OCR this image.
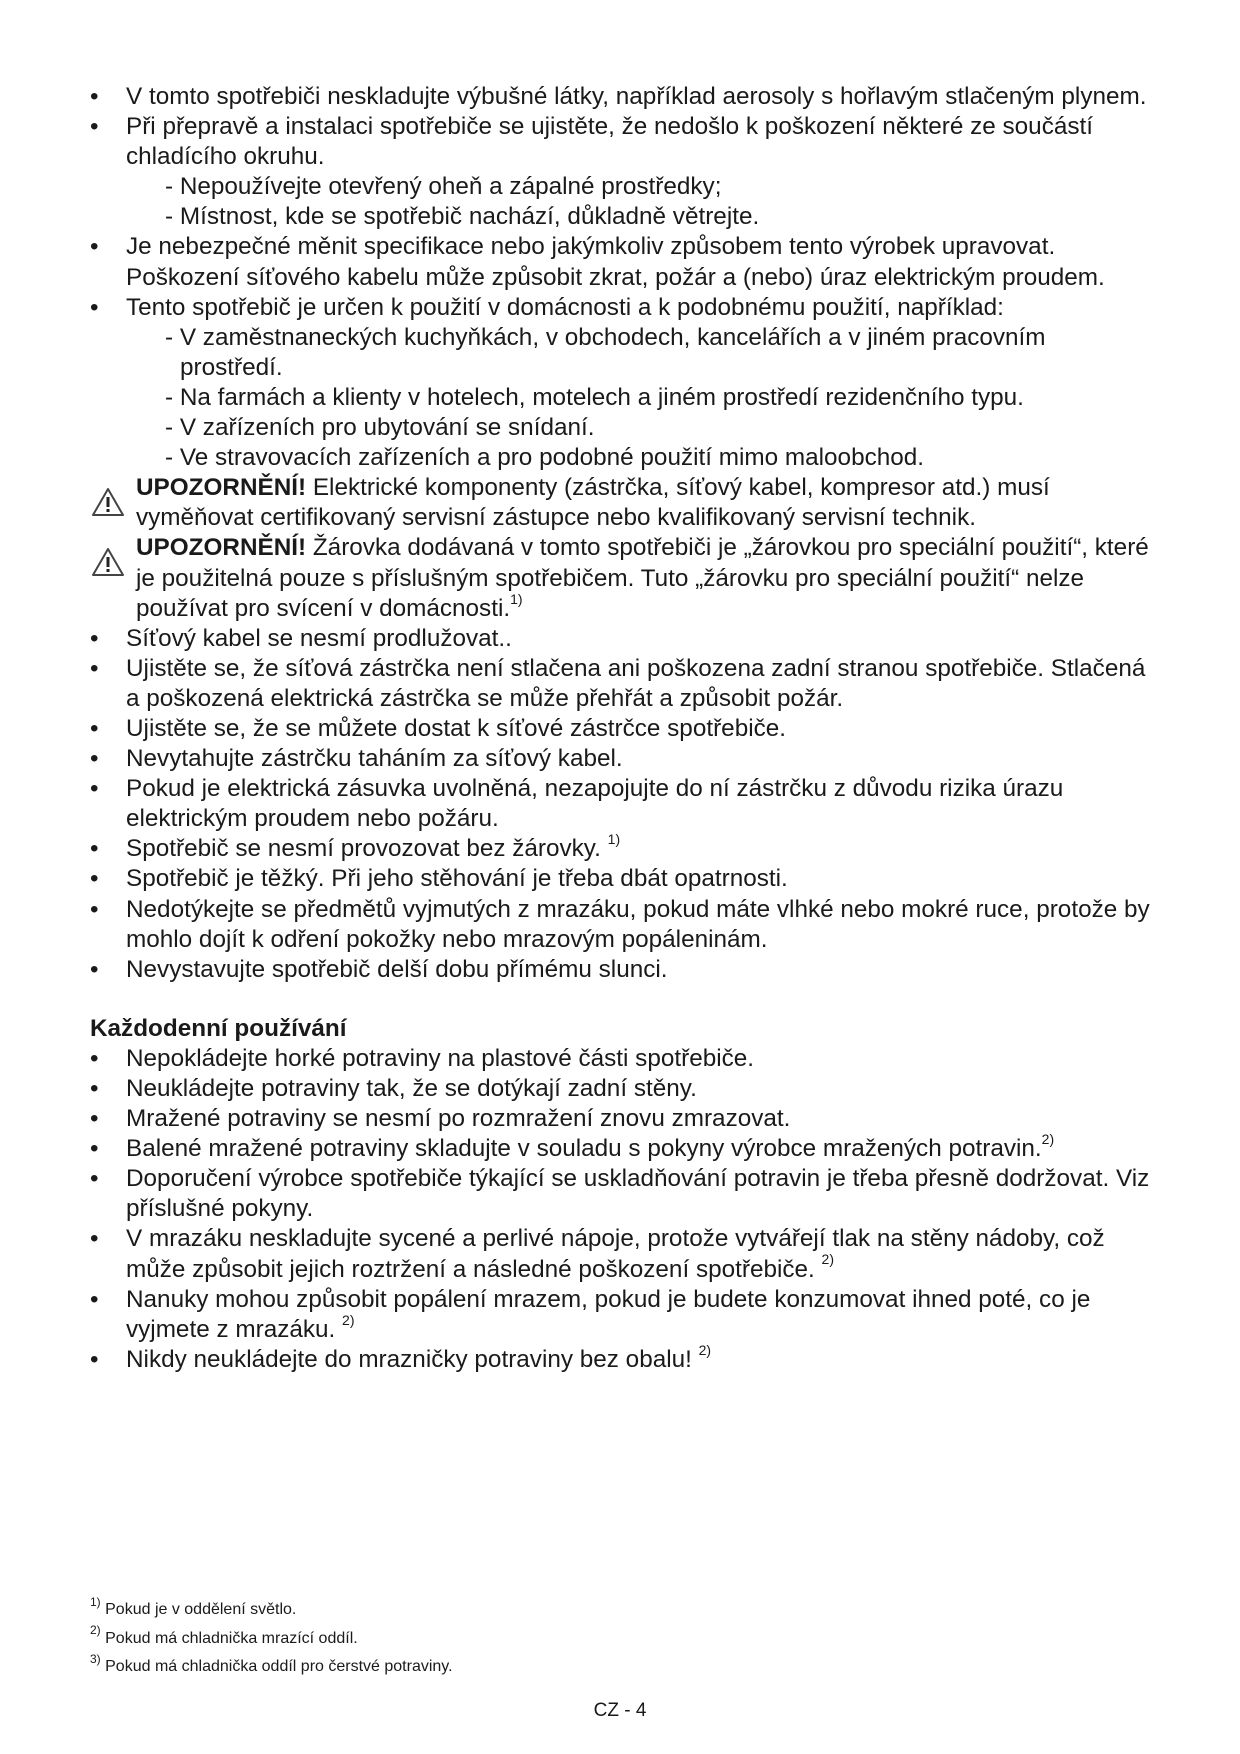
• V tomto spotřebiči neskladujte výbušné látky, například aerosoly s hořlavým stlačeným plynem.
• Při přepravě a instalaci spotřebiče se ujistěte, že nedošlo k poškození některé ze součástí chladícího okruhu.
- Nepoužívejte otevřený oheň a zápalné prostředky;
- Místnost, kde se spotřebič nachází, důkladně větrejte.
• Je nebezpečné měnit specifikace nebo jakýmkoliv způsobem tento výrobek upravovat. Poškození síťového kabelu může způsobit zkrat, požár a (nebo) úraz elektrickým proudem.
• Tento spotřebič je určen k použití v domácnosti a k podobnému použití, například:
- V zaměstnaneckých kuchyňkách, v obchodech, kancelářích a v jiném pracovním
prostředí.
- Na farmách a klienty v hotelech, motelech a jiném prostředí rezidenčního typu.
- V zařízeních pro ubytování se snídaní.
- Ve stravovacích zařízeních a pro podobné použití mimo maloobchod.
UPOZORNĚNÍ! Elektrické komponenty (zástrčka, síťový kabel, kompresor atd.) musí vyměňovat certifikovaný servisní zástupce nebo kvalifikovaný servisní technik.
UPOZORNĚNÍ! Žárovka dodávaná v tomto spotřebiči je „žárovkou pro speciální použití“, které je použitelná pouze s příslušným spotřebičem. Tuto „žárovku pro speciální použití“ nelze používat pro svícení v domácnosti.$^{1)}$
• Síťový kabel se nesmí prodlužovat..
• Ujistěte se, že síťová zástrčka není stlačena ani poškozena zadní stranou spotřebiče. Stlačená a poškozená elektrická zástrčka se může přehřát a způsobit požár.
• Ujistěte se, že se můžete dostat k síťové zástrčce spotřebiče.
• Nevytahujte zástrčku taháním za síťový kabel.
• Pokud je elektrická zásuvka uvolněná, nezapojujte do ní zástrčku z důvodu rizika úrazu elektrickým proudem nebo požáru.
• Spotřebič se nesmí provozovat bez žárovky. $^{1)}$
• Spotřebič je těžký. Při jeho stěhování je třeba dbát opatrnosti.
• Nedotýkejte se předmětů vyjmutých z mrazáku, pokud máte vlhké nebo mokré ruce, protože by mohlo dojít k odření pokožky nebo mrazovým popáleninám.
• Nevystavujte spotřebič delší dobu přímému slunci.
Každodenní používání
• Nepokládejte horké potraviny na plastové části spotřebiče.
• Neukládejte potraviny tak, že se dotýkají zadní stěny.
• Mražené potraviny se nesmí po rozmražení znovu zmrazovat.
• Balené mražené potraviny skladujte v souladu s pokyny výrobce mražených potravin.$^{2)}$
• Doporučení výrobce spotřebiče týkající se uskladňování potravin je třeba přesně dodržovat. Viz příslušné pokyny.
• V mrazáku neskladujte sycené a perlivé nápoje, protože vytvářejí tlak na stěny nádoby, což může způsobit jejich roztržení a následné poškození spotřebiče. $^{2)}$
• Nanuky mohou způsobit popálení mrazem, pokud je budete konzumovat ihned poté, co je vyjmete z mrazáku. $^{2)}$
• Nikdy neukládejte do mrazničky potraviny bez obalu! $^{2)}$
$^{1)}$ Pokud je v oddělení světlo.
$^{2)}$ Pokud má chladnička mrazící oddíl.
$^{3)}$ Pokud má chladnička oddíl pro čerstvé potraviny.
CZ - 4
